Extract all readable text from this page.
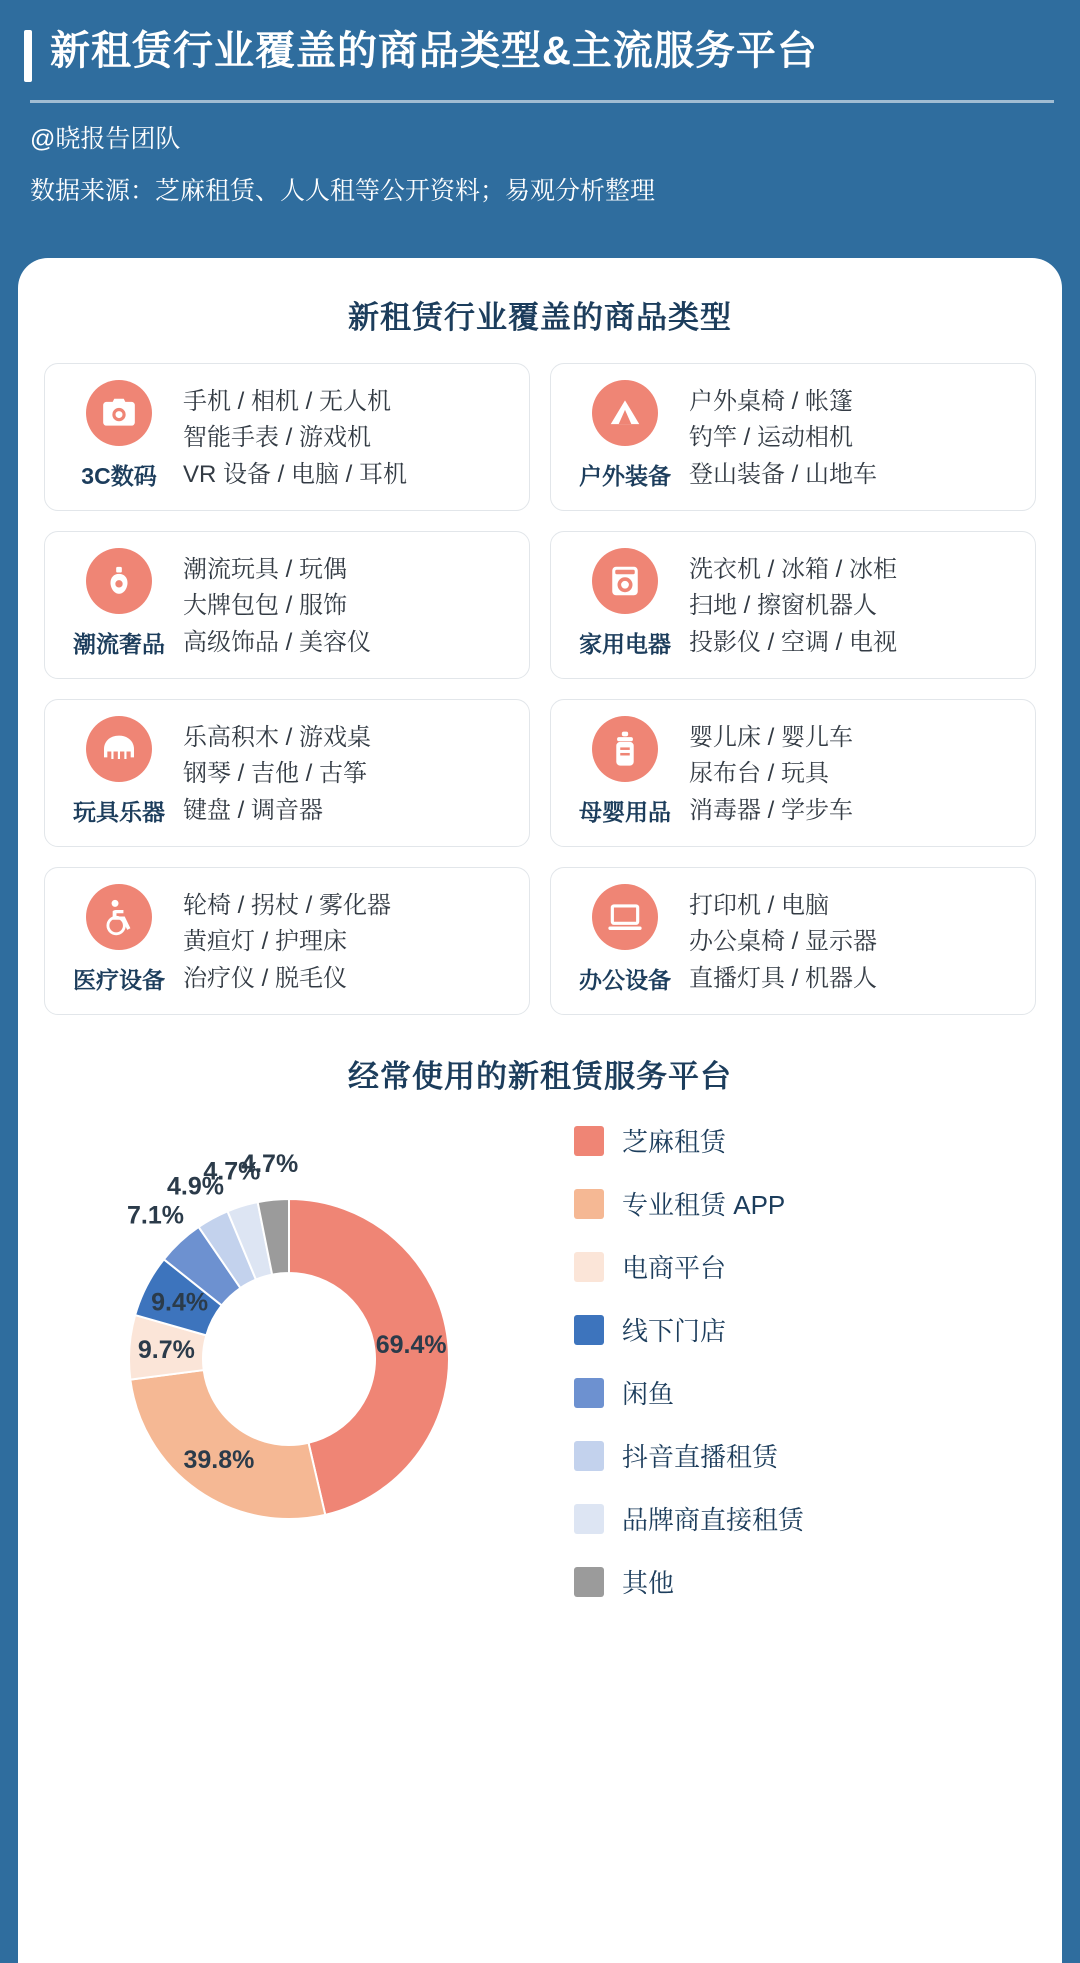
新租赁行业覆盖的商品类型&主流服务平台
@晓报告团队
数据来源：芝麻租赁、人人租等公开资料；易观分析整理
新租赁行业覆盖的商品类型
3C数码
手机 / 相机 / 无人机
智能手表 / 游戏机
VR 设备 / 电脑 / 耳机	户外装备
户外桌椅 / 帐篷
钓竿 / 运动相机
登山装备 / 山地车
潮流奢品
潮流玩具 / 玩偶
大牌包包 / 服饰
高级饰品 / 美容仪	家用电器
洗衣机 / 冰箱 / 冰柜
扫地 / 擦窗机器人
投影仪 / 空调 / 电视
玩具乐器
乐高积木 / 游戏桌
钢琴 / 吉他 / 古筝
键盘 / 调音器	母婴用品
婴儿床 / 婴儿车
尿布台 / 玩具
消毒器 / 学步车
医疗设备
轮椅 / 拐杖 / 雾化器
黄疸灯 / 护理床
治疗仪 / 脱毛仪	办公设备
打印机 / 电脑
办公桌椅 / 显示器
直播灯具 / 机器人
经常使用的新租赁服务平台
69.4%
39.8%
9.7%
9.4%
7.1%
4.9%
4.7%
4.7%
芝麻租赁
专业租赁 APP
电商平台
线下门店
闲鱼
抖音直播租赁
品牌商直接租赁
其他
